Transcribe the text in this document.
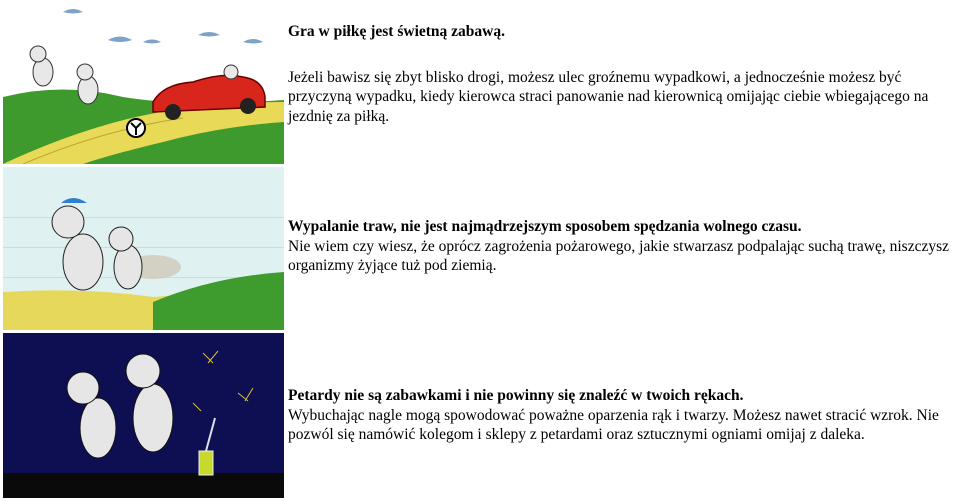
Gra w piłkę jest świetną zabawą.

Jeżeli bawisz się zbyt blisko drogi, możesz ulec groźnemu wypadkowi, a jednocześnie możesz być przyczyną wypadku, kiedy kierowca straci panowanie nad kierownicą omijając ciebie wbiegającego na jezdnię za piłką.

Wypalanie traw, nie jest najmądrzejszym sposobem spędzania wolnego czasu.

Nie wiem czy wiesz, że oprócz zagrożenia pożarowego, jakie stwarzasz podpalając suchą trawę, niszczysz organizmy żyjące tuż pod ziemią.

Petardy nie są zabawkami i nie powinny się znaleźć w twoich rękach.

Wybuchając nagle mogą spowodować poważne oparzenia rąk i twarzy. Możesz nawet stracić wzrok. Nie pozwól się namówić kolegom i sklepy z petardami oraz sztucznymi ogniami omijaj z daleka.
